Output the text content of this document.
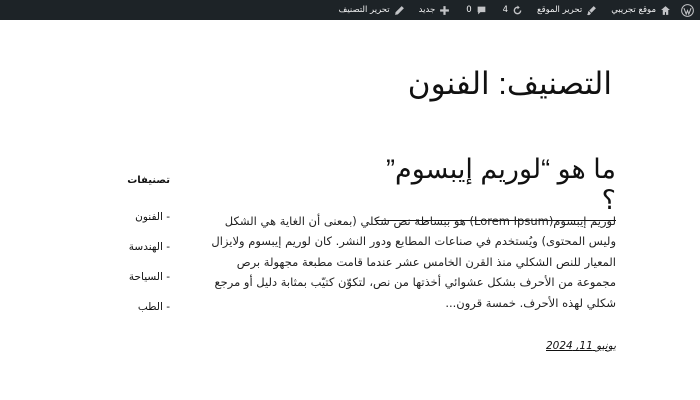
موقع تجريبي
تحرير الموقع
4
0
جديد
تحرير التصنيف
التصنيف: الفنون
ما هو “لوريم إيبسوم” ؟

لوريم إيبسوم(Lorem Ipsum) هو ببساطة نص شكلي (بمعنى أن الغاية هي الشكل وليس المحتوى) ويُستخدم في صناعات المطابع ودور النشر. كان لوريم إيبسوم ولايزال المعيار للنص الشكلي منذ القرن الخامس عشر عندما قامت مطبعة مجهولة برص مجموعة من الأحرف بشكل عشوائي أخذتها من نص، لتكوّن كتيّب بمثابة دليل أو مرجع شكلي لهذه الأحرف. خمسة قرون...

يونيو 11, 2024
تصنيفات
- الفنون
- الهندسة
- السياحة
- الطب
